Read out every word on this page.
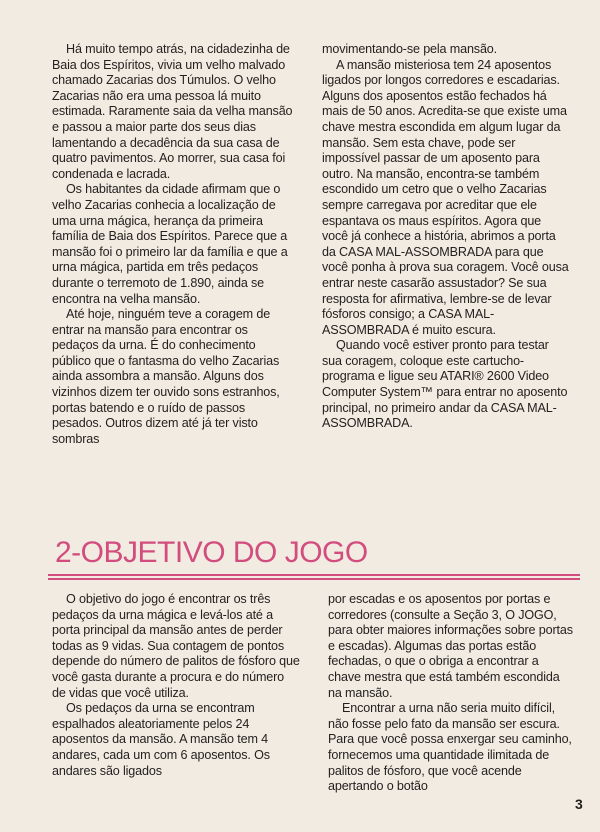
Há muito tempo atrás, na cidadezinha de Baia dos Espíritos, vivia um velho malvado chamado Zacarias dos Túmulos. O velho Zacarias não era uma pessoa lá muito estimada. Raramente saia da velha mansão e passou a maior parte dos seus dias lamentando a decadência da sua casa de quatro pavimentos. Ao morrer, sua casa foi condenada e lacrada.

Os habitantes da cidade afirmam que o velho Zacarias conhecia a localização de uma urna mágica, herança da primeira família de Baia dos Espíritos. Parece que a mansão foi o primeiro lar da família e que a urna mágica, partida em três pedaços durante o terremoto de 1.890, ainda se encontra na velha mansão.

Até hoje, ninguém teve a coragem de entrar na mansão para encontrar os pedaços da urna. É do conhecimento público que o fantasma do velho Zacarias ainda assombra a mansão. Alguns dos vizinhos dizem ter ouvido sons estranhos, portas batendo e o ruído de passos pesados. Outros dizem até já ter visto sombras

movimentando-se pela mansão.

A mansão misteriosa tem 24 aposentos ligados por longos corredores e escadarias. Alguns dos aposentos estão fechados há mais de 50 anos. Acredita-se que existe uma chave mestra escondida em algum lugar da mansão. Sem esta chave, pode ser impossível passar de um aposento para outro. Na mansão, encontra-se também escondido um cetro que o velho Zacarias sempre carregava por acreditar que ele espantava os maus espíritos. Agora que você já conhece a história, abrimos a porta da CASA MAL-ASSOMBRADA para que você ponha à prova sua coragem. Você ousa entrar neste casarão assustador? Se sua resposta for afirmativa, lembre-se de levar fósforos consigo; a CASA MAL-ASSOMBRADA é muito escura.

Quando você estiver pronto para testar sua coragem, coloque este cartucho-programa e ligue seu ATARI® 2600 Video Computer System™ para entrar no aposento principal, no primeiro andar da CASA MAL-ASSOMBRADA.

2-OBJETIVO DO JOGO

O objetivo do jogo é encontrar os três pedaços da urna mágica e levá-los até a porta principal da mansão antes de perder todas as 9 vidas. Sua contagem de pontos depende do número de palitos de fósforo que você gasta durante a procura e do número de vidas que você utiliza.

Os pedaços da urna se encontram espalhados aleatoriamente pelos 24 aposentos da mansão. A mansão tem 4 andares, cada um com 6 aposentos. Os andares são ligados

por escadas e os aposentos por portas e corredores (consulte a Seção 3, O JOGO, para obter maiores informações sobre portas e escadas). Algumas das portas estão fechadas, o que o obriga a encontrar a chave mestra que está também escondida na mansão.

Encontrar a urna não seria muito difícil, não fosse pelo fato da mansão ser escura. Para que você possa enxergar seu caminho, fornecemos uma quantidade ilimitada de palitos de fósforo, que você acende apertando o botão

3
